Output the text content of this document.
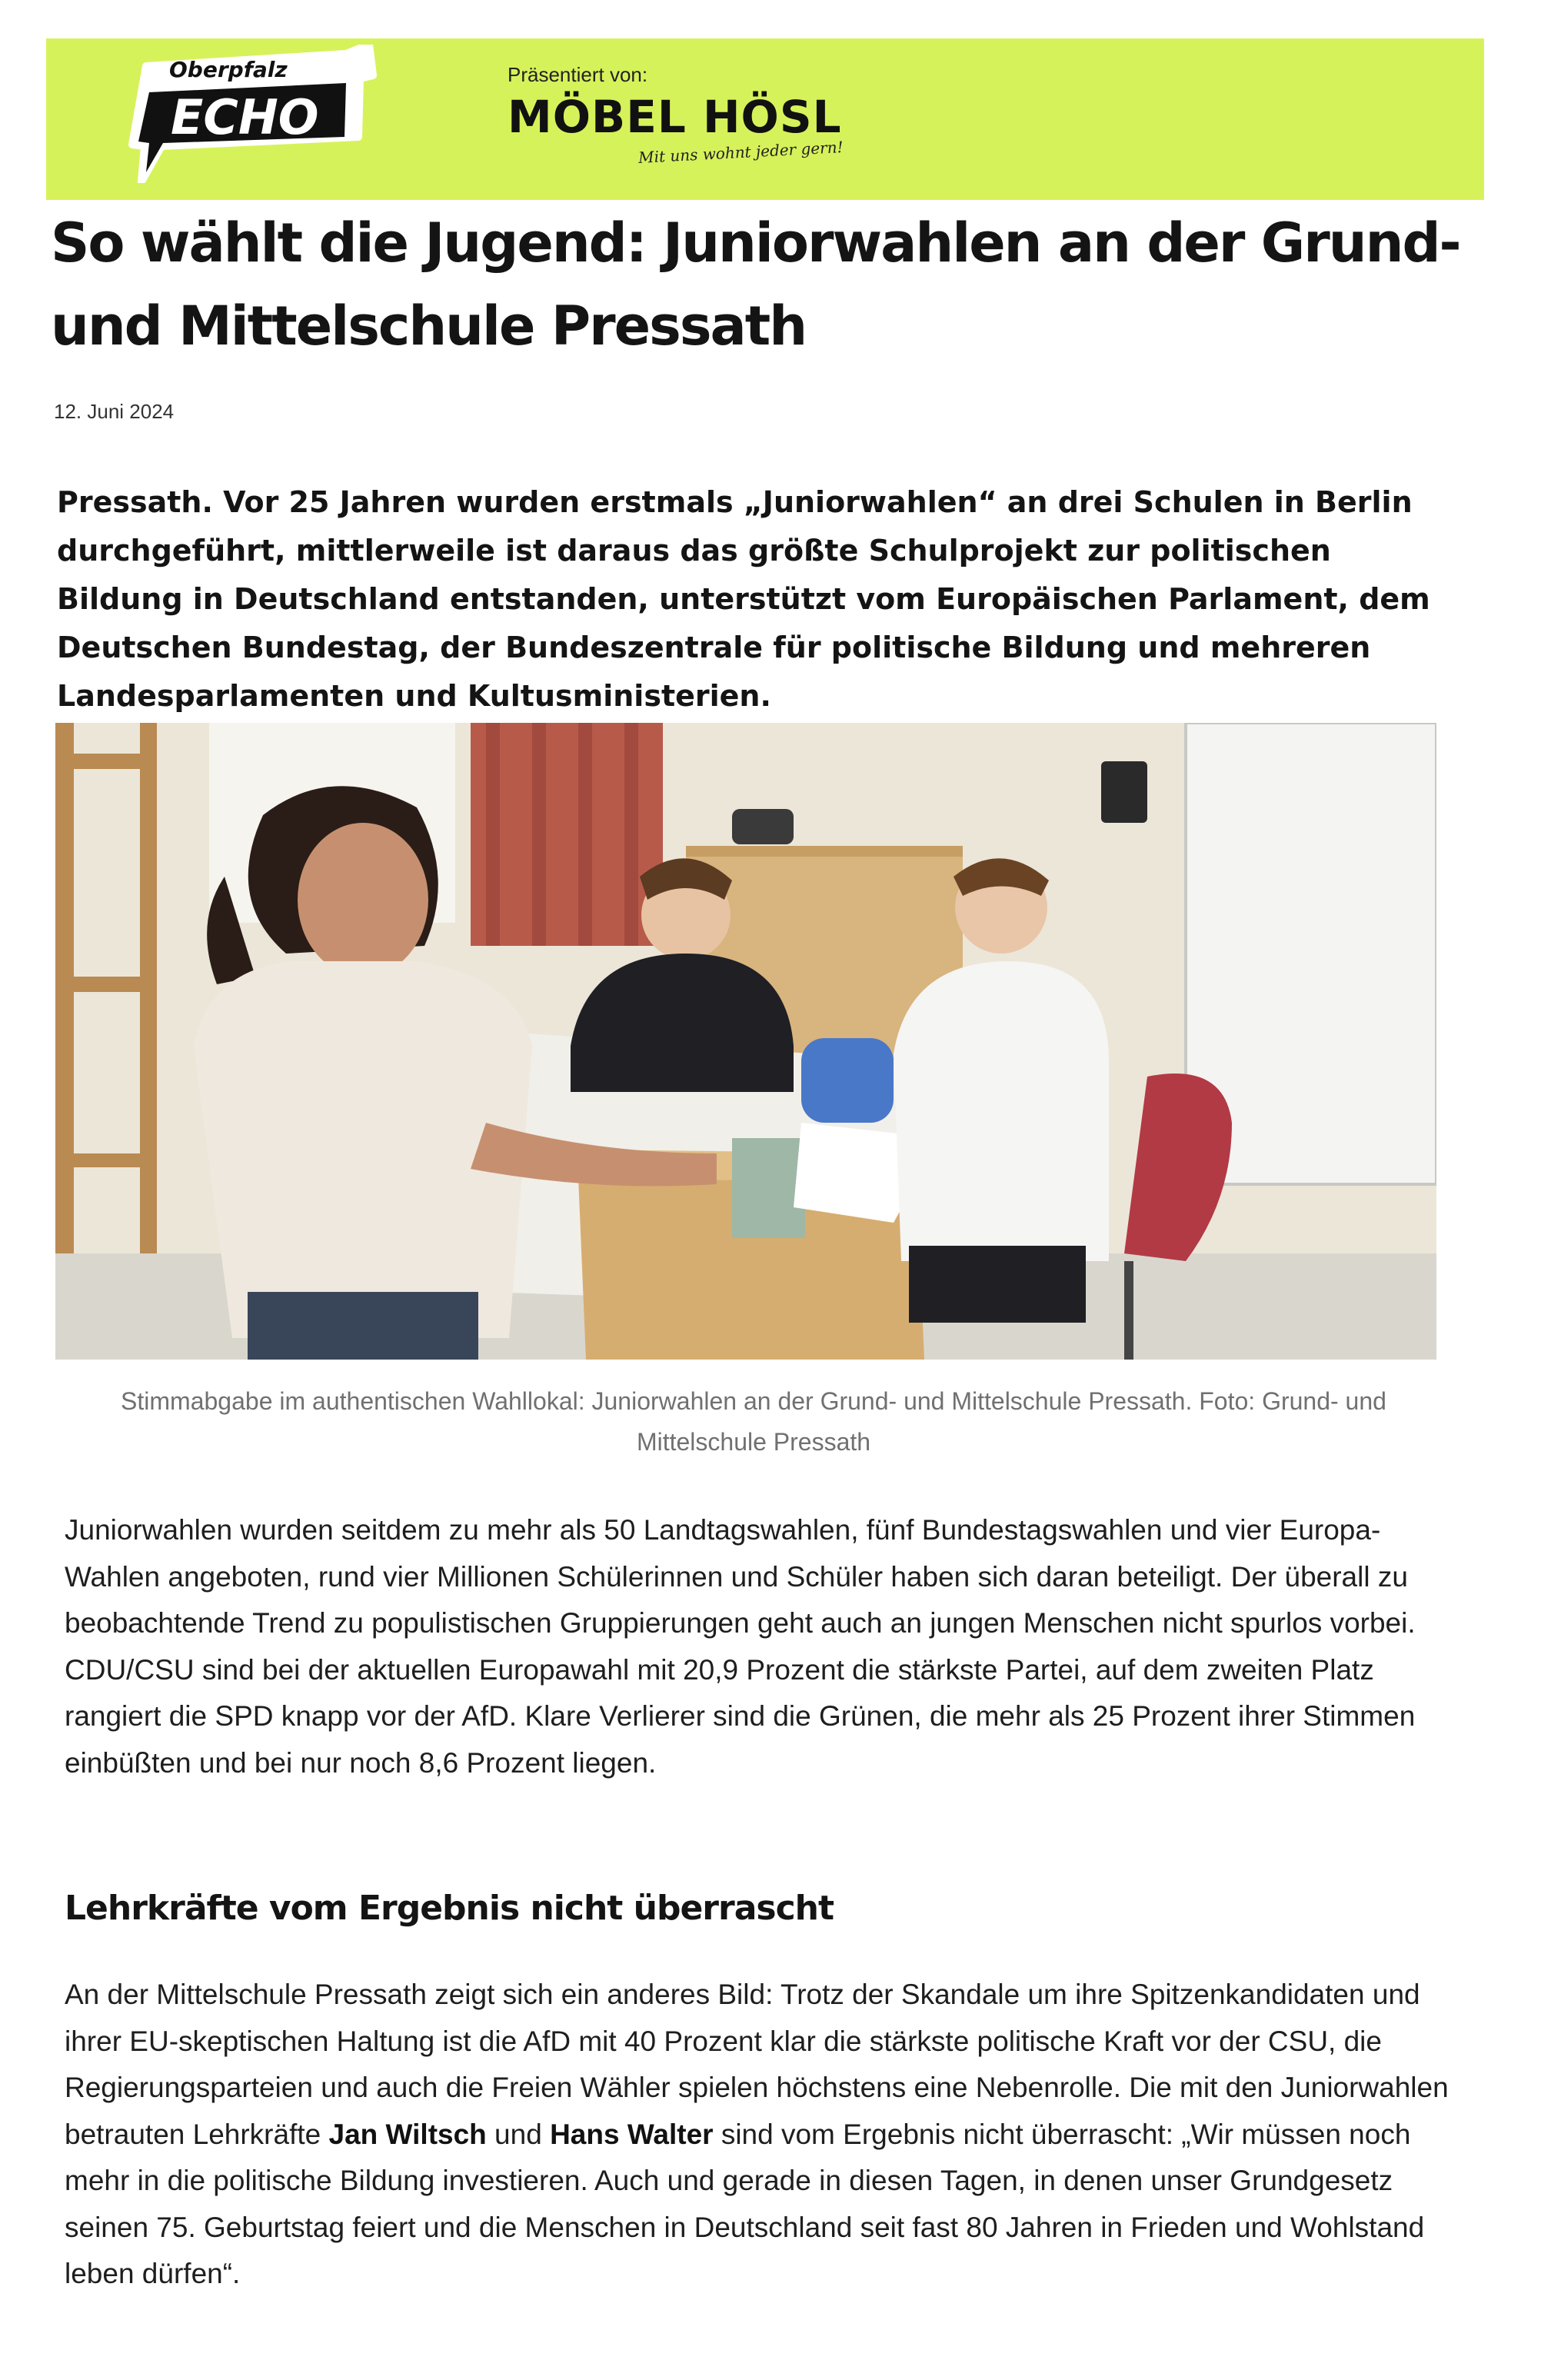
Oberpfalz
ECHO
Präsentiert von:
MÖBEL HÖSL
Mit uns wohnt jeder gern!
So wählt die Jugend: Juniorwahlen an der Grund- und Mittelschule Pressath
12. Juni 2024

Pressath. Vor 25 Jahren wurden erstmals „Juniorwahlen“ an drei Schulen in Berlin durchgeführt, mittlerweile ist daraus das größte Schulprojekt zur politischen Bildung in Deutschland entstanden, unterstützt vom Europäischen Parlament, dem Deutschen Bundestag, der Bundeszentrale für politische Bildung und mehreren Landesparlamenten und Kultusministerien.

Stimmabgabe im authentischen Wahllokal: Juniorwahlen an der Grund- und Mittelschule Pressath. Foto: Grund- und Mittelschule Pressath

Juniorwahlen wurden seitdem zu mehr als 50 Landtagswahlen, fünf Bundestagswahlen und vier Europa-Wahlen angeboten, rund vier Millionen Schülerinnen und Schüler haben sich daran beteiligt. Der überall zu beobachtende Trend zu populistischen Gruppierungen geht auch an jungen Menschen nicht spurlos vorbei. CDU/CSU sind bei der aktuellen Europawahl mit 20,9 Prozent die stärkste Partei, auf dem zweiten Platz rangiert die SPD knapp vor der AfD. Klare Verlierer sind die Grünen, die mehr als 25 Prozent ihrer Stimmen einbüßten und bei nur noch 8,6 Prozent liegen.

Lehrkräfte vom Ergebnis nicht überrascht

An der Mittelschule Pressath zeigt sich ein anderes Bild: Trotz der Skandale um ihre Spitzenkandidaten und ihrer EU-skeptischen Haltung ist die AfD mit 40 Prozent klar die stärkste politische Kraft vor der CSU, die Regierungsparteien und auch die Freien Wähler spielen höchstens eine Nebenrolle. Die mit den Juniorwahlen betrauten Lehrkräfte Jan Wiltsch und Hans Walter sind vom Ergebnis nicht überrascht: „Wir müssen noch mehr in die politische Bildung investieren. Auch und gerade in diesen Tagen, in denen unser Grundgesetz seinen 75. Geburtstag feiert und die Menschen in Deutschland seit fast 80 Jahren in Frieden und Wohlstand leben dürfen“.
